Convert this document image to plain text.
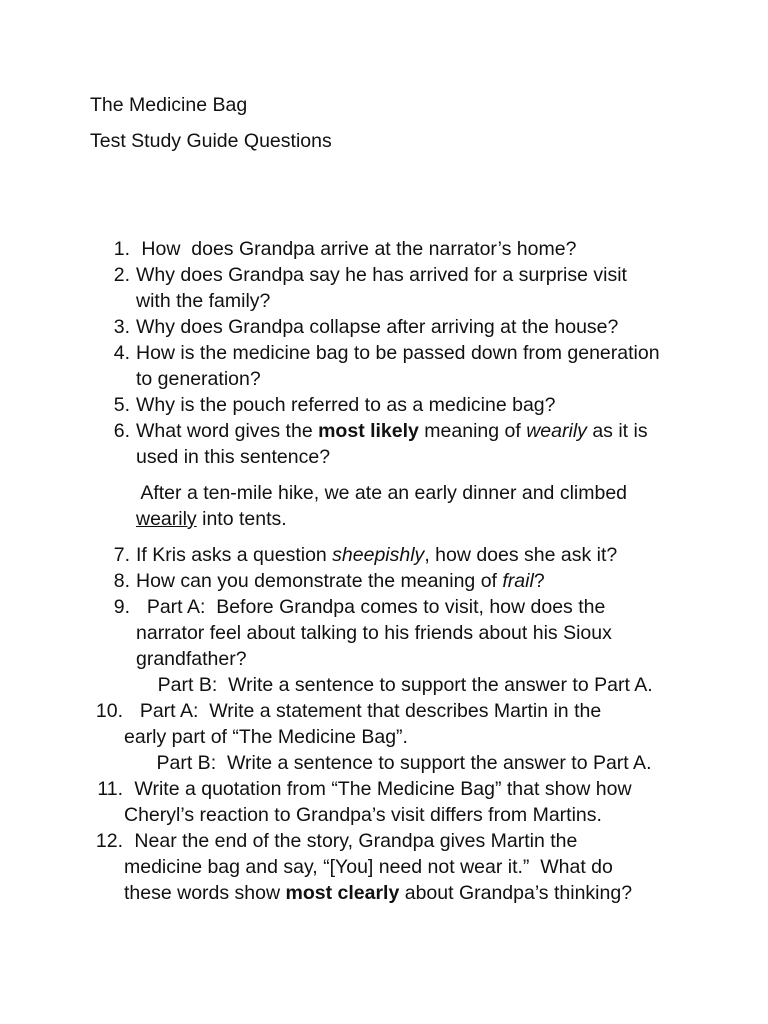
The Medicine Bag
Test Study Guide Questions
1. How  does Grandpa arrive at the narrator’s home?
2. Why does Grandpa say he has arrived for a surprise visit
with the family?
3. Why does Grandpa collapse after arriving at the house?
4. How is the medicine bag to be passed down from generation
to generation?
5. Why is the pouch referred to as a medicine bag?
6. What word gives the most likely meaning of wearily as it is
used in this sentence?
After a ten-mile hike, we ate an early dinner and climbed
wearily into tents.
7. If Kris asks a question sheepishly, how does she ask it?
8. How can you demonstrate the meaning of frail?
9. Part A:  Before Grandpa comes to visit, how does the
narrator feel about talking to his friends about his Sioux
grandfather?
Part B:  Write a sentence to support the answer to Part A.
10. Part A:  Write a statement that describes Martin in the
early part of “The Medicine Bag”.
Part B:  Write a sentence to support the answer to Part A.
11. Write a quotation from “The Medicine Bag” that show how
Cheryl’s reaction to Grandpa’s visit differs from Martins.
12. Near the end of the story, Grandpa gives Martin the
medicine bag and say, “[You] need not wear it.”  What do
these words show most clearly about Grandpa’s thinking?
